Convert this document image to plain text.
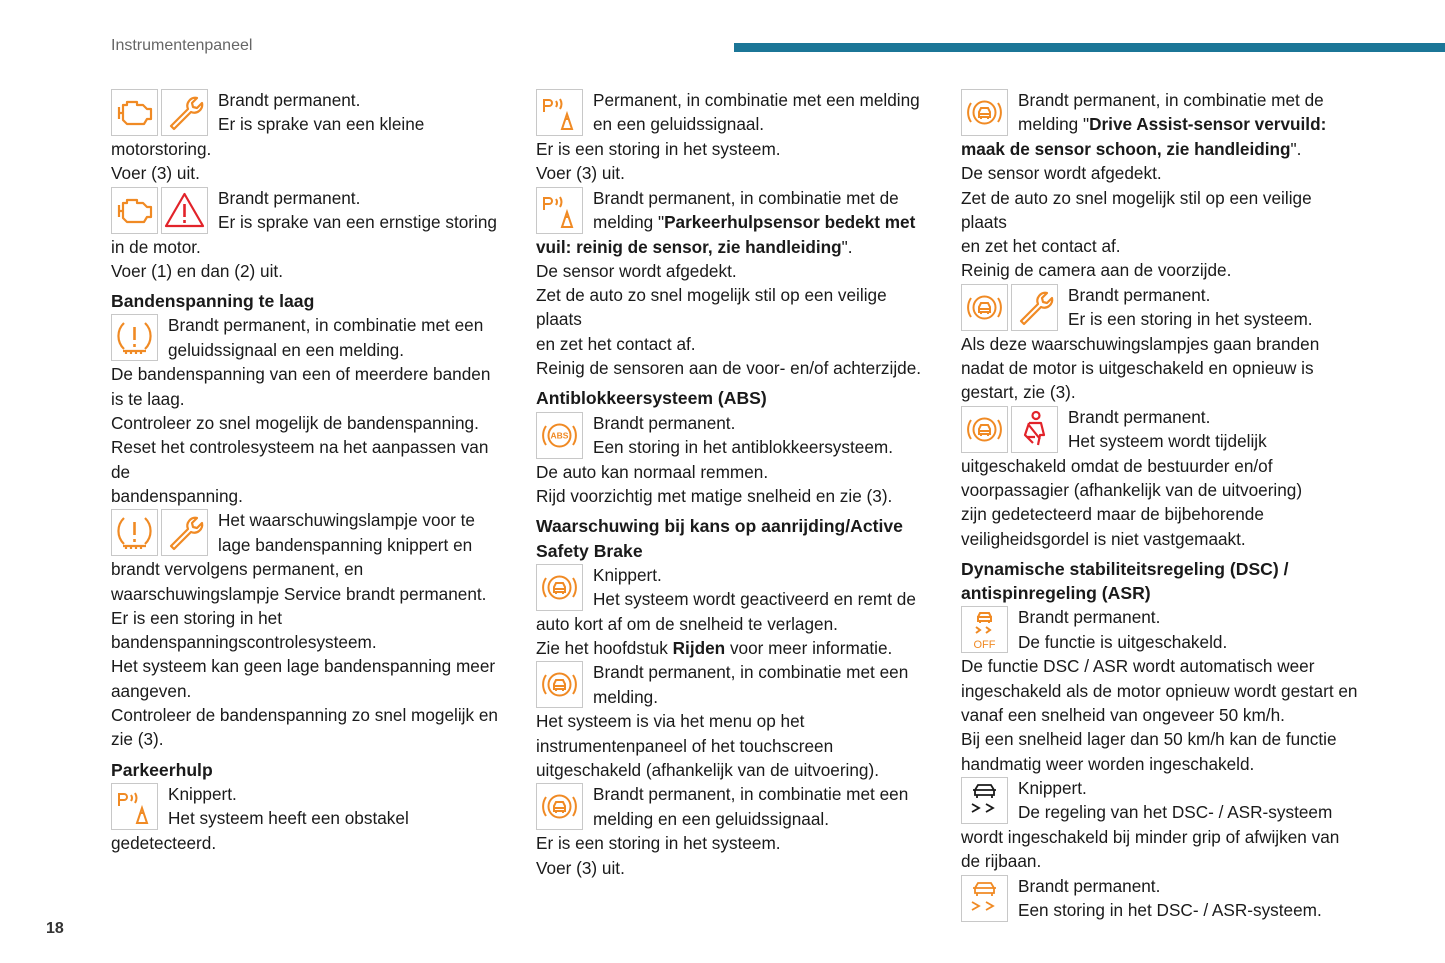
Instrumentenpaneel
18

Brandt permanent.

Er is sprake van een kleine

motorstoring.

Voer (3) uit.

Brandt permanent.

Er is sprake van een ernstige storing

in de motor.

Voer (1) en dan (2) uit.

Bandenspanning te laag

Brandt permanent, in combinatie met een

geluidssignaal en een melding.

De bandenspanning van een of meerdere banden

is te laag.

Controleer zo snel mogelijk de bandenspanning.

Reset het controlesysteem na het aanpassen van de

bandenspanning.

Het waarschuwingslampje voor te

lage bandenspanning knippert en

brandt vervolgens permanent, en

waarschuwingslampje Service brandt permanent.

Er is een storing in het

bandenspanningscontrolesysteem.

Het systeem kan geen lage bandenspanning meer

aangeven.

Controleer de bandenspanning zo snel mogelijk en

zie (3).

Parkeerhulp

Knippert.

Het systeem heeft een obstakel

gedetecteerd.

Permanent, in combinatie met een melding

en een geluidssignaal.

Er is een storing in het systeem.

Voer (3) uit.

Brandt permanent, in combinatie met de

melding "Parkeerhulpsensor bedekt met

vuil: reinig de sensor, zie handleiding".

De sensor wordt afgedekt.

Zet de auto zo snel mogelijk stil op een veilige plaats

en zet het contact af.

Reinig de sensoren aan de voor- en/of achterzijde.

Antiblokkeersysteem (ABS)
ABS

Brandt permanent.

Een storing in het antiblokkeersysteem.

De auto kan normaal remmen.

Rijd voorzichtig met matige snelheid en zie (3).

Waarschuwing bij kans op aanrijding/Active
Safety Brake

Knippert.

Het systeem wordt geactiveerd en remt de

auto kort af om de snelheid te verlagen.

Zie het hoofdstuk Rijden voor meer informatie.

Brandt permanent, in combinatie met een

melding.

Het systeem is via het menu op het

instrumentenpaneel of het touchscreen

uitgeschakeld (afhankelijk van de uitvoering).

Brandt permanent, in combinatie met een

melding en een geluidssignaal.

Er is een storing in het systeem.

Voer (3) uit.

Brandt permanent, in combinatie met de

melding "Drive Assist-sensor vervuild:

maak de sensor schoon, zie handleiding".

De sensor wordt afgedekt.

Zet de auto zo snel mogelijk stil op een veilige plaats

en zet het contact af.

Reinig de camera aan de voorzijde.

Brandt permanent.

Er is een storing in het systeem.

Als deze waarschuwingslampjes gaan branden

nadat de motor is uitgeschakeld en opnieuw is

gestart, zie (3).

Brandt permanent.

Het systeem wordt tijdelijk

uitgeschakeld omdat de bestuurder en/of

voorpassagier (afhankelijk van de uitvoering)

zijn gedetecteerd maar de bijbehorende

veiligheidsgordel is niet vastgemaakt.

Dynamische stabiliteitsregeling (DSC) /
antispinregeling (ASR)
OFF

Brandt permanent.

De functie is uitgeschakeld.

De functie DSC / ASR wordt automatisch weer

ingeschakeld als de motor opnieuw wordt gestart en

vanaf een snelheid van ongeveer 50 km/h.

Bij een snelheid lager dan 50 km/h kan de functie

handmatig weer worden ingeschakeld.

Knippert.

De regeling van het DSC- / ASR-systeem

wordt ingeschakeld bij minder grip of afwijken van

de rijbaan.

Brandt permanent.

Een storing in het DSC- / ASR-systeem.
